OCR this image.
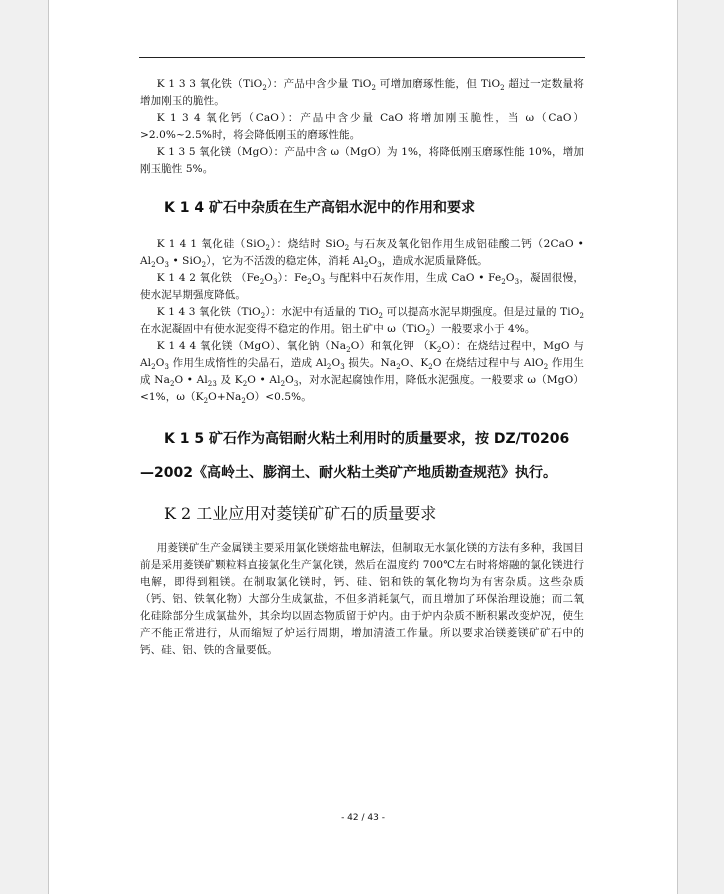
K 1 3 3 氧化铁（TiO$_2$）：产品中含少量 TiO$_2$ 可增加磨琢性能，但 TiO$_2$ 超过一定数量将增加刚玉的脆性。

K 1 3 4 氧化钙（CaO）：产品中含少量 CaO 将增加刚玉脆性，当 ω（CaO）>2.0%~2.5%时，将会降低刚玉的磨琢性能。

K 1 3 5 氧化镁（MgO）：产品中含 ω（MgO）为 1%，将降低刚玉磨琢性能 10%，增加刚玉脆性 5%。

K 1 4 矿石中杂质在生产高铝水泥中的作用和要求

K 1 4 1 氧化硅（SiO$_2$）：烧结时 SiO$_2$ 与石灰及氧化铝作用生成铝硅酸二钙（2CaO • $Al_2O_3$ • SiO$_2$），它为不活泼的稳定体，消耗 $Al_2O_3$，造成水泥质量降低。

K 1 4 2 氧化铁 $(Fe_2O_3)$：$Fe_2O_3$ 与配料中石灰作用，生成 CaO • $Fe_2O_3$，凝固很慢，使水泥早期强度降低。

K 1 4 3 氧化铁（TiO$_2$）：水泥中有适量的 TiO$_2$ 可以提高水泥早期强度。但是过量的 TiO$_2$ 在水泥凝固中有使水泥变得不稳定的作用。铝土矿中 ω（TiO$_2$）一般要求小于 4%。

K 1 4 4 氧化镁（MgO）、氧化钠$(Na_2O)$和氧化钾 $(K_2O)$：在烧结过程中，MgO 与 $Al_2O_3$ 作用生成惰性的尖晶石，造成 $Al_2O_3$ 损失。$Na_2O$、$K_2O$ 在烧结过程中与 AlO$_2$ 作用生成 $Na_2O$ • $Al_{23}$ 及 $K_2O$ • $Al_2O_3$，对水泥起腐蚀作用，降低水泥强度。一般要求 ω（MgO）<1%，$\omega(K_2O+Na_2O)<0.5\%$。

K 1 5 矿石作为高铝耐火粘土利用时的质量要求，按 DZ/T0206

—2002《高岭土、膨润土、耐火粘土类矿产地质勘查规范》执行。

K 2 工业应用对菱镁矿矿石的质量要求

用菱镁矿生产金属镁主要采用氯化镁熔盐电解法，但制取无水氯化镁的方法有多种，我国目前是采用菱镁矿颗粒料直接氯化生产氯化镁，然后在温度约 700℃左右时将熔融的氯化镁进行电解，即得到粗镁。在制取氯化镁时，钙、硅、铝和铁的氧化物均为有害杂质。这些杂质 （钙、铝、铁氧化物）大部分生成氯盐，不但多消耗氯气，而且增加了环保治理设施；而二氧化硅除部分生成氯盐外，其余均以固态物质留于炉内。由于炉内杂质不断积累改变炉况，使生产不能正常进行，从而缩短了炉运行周期，增加清渣工作量。所以要求冶镁菱镁矿矿石中的钙、硅、铝、铁的含量要低。

- 42 / 43 -
